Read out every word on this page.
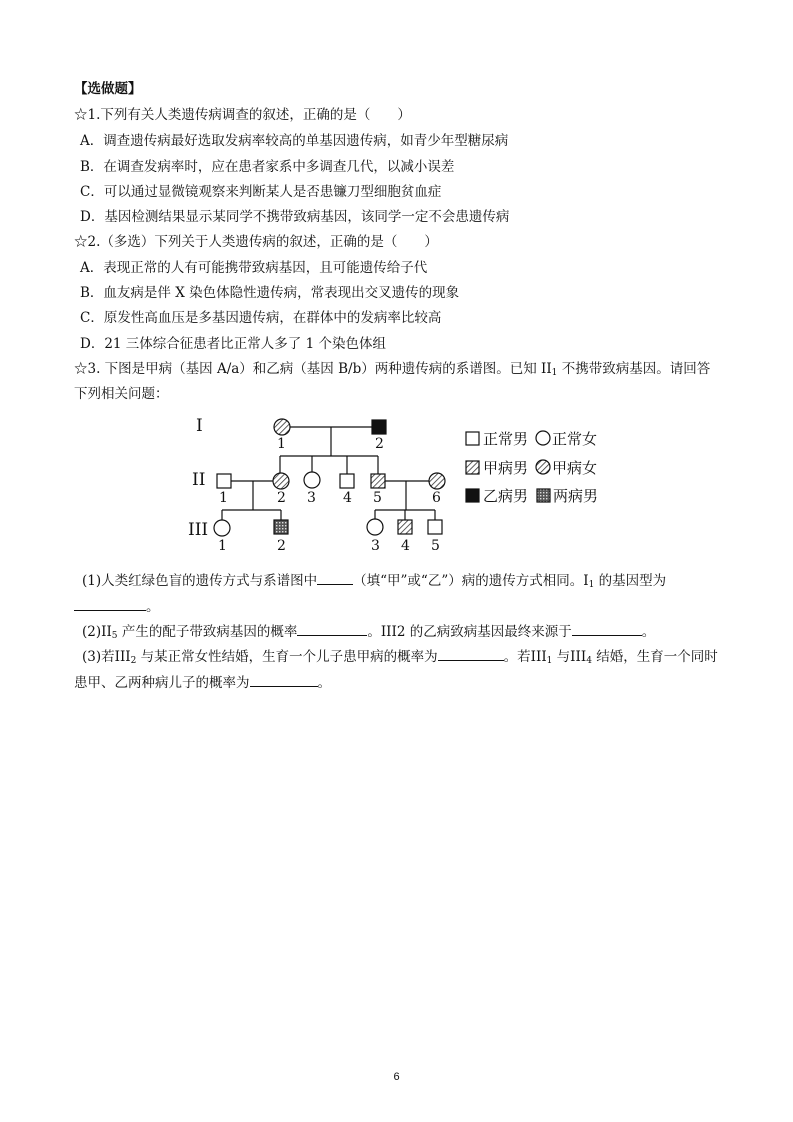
【选做题】
☆1.下列有关人类遗传病调查的叙述，正确的是（　　）
A．调查遗传病最好选取发病率较高的单基因遗传病，如青少年型糖尿病
B．在调查发病率时，应在患者家系中多调查几代，以减小误差
C．可以通过显微镜观察来判断某人是否患镰刀型细胞贫血症
D．基因检测结果显示某同学不携带致病基因，该同学一定不会患遗传病
☆2.（多选）下列关于人类遗传病的叙述，正确的是（　　）
A．表现正常的人有可能携带致病基因，且可能遗传给子代
B．血友病是伴 X 染色体隐性遗传病，常表现出交叉遗传的现象
C．原发性高血压是多基因遗传病，在群体中的发病率比较高
D．21 三体综合征患者比正常人多了 1 个染色体组
☆3. 下图是甲病（基因 A/a）和乙病（基因 B/b）两种遗传病的系谱图。已知 $II_1$ 不携带致病基因。请回答
下列相关问题：
I
II
III
1	2
1	2 3 4 5	6
1	2	3 4 5
正常男 正常女
甲病男 甲病女
乙病男 两病男
(1)人类红绿色盲的遗传方式与系谱图中	（填“甲”或“乙”）病的遗传方式相同。$I_1$ 的基因型为
。
$(2)II_5$ 产生的配子带致病基因的概率	。III2 的乙病致病基因最终来源于	。
(3)若$III_2$ 与某正常女性结婚，生育一个儿子患甲病的概率为	。若$III_1$ 与$III_4$ 结婚，生育一个同时
患甲、乙两种病儿子的概率为	。
6
